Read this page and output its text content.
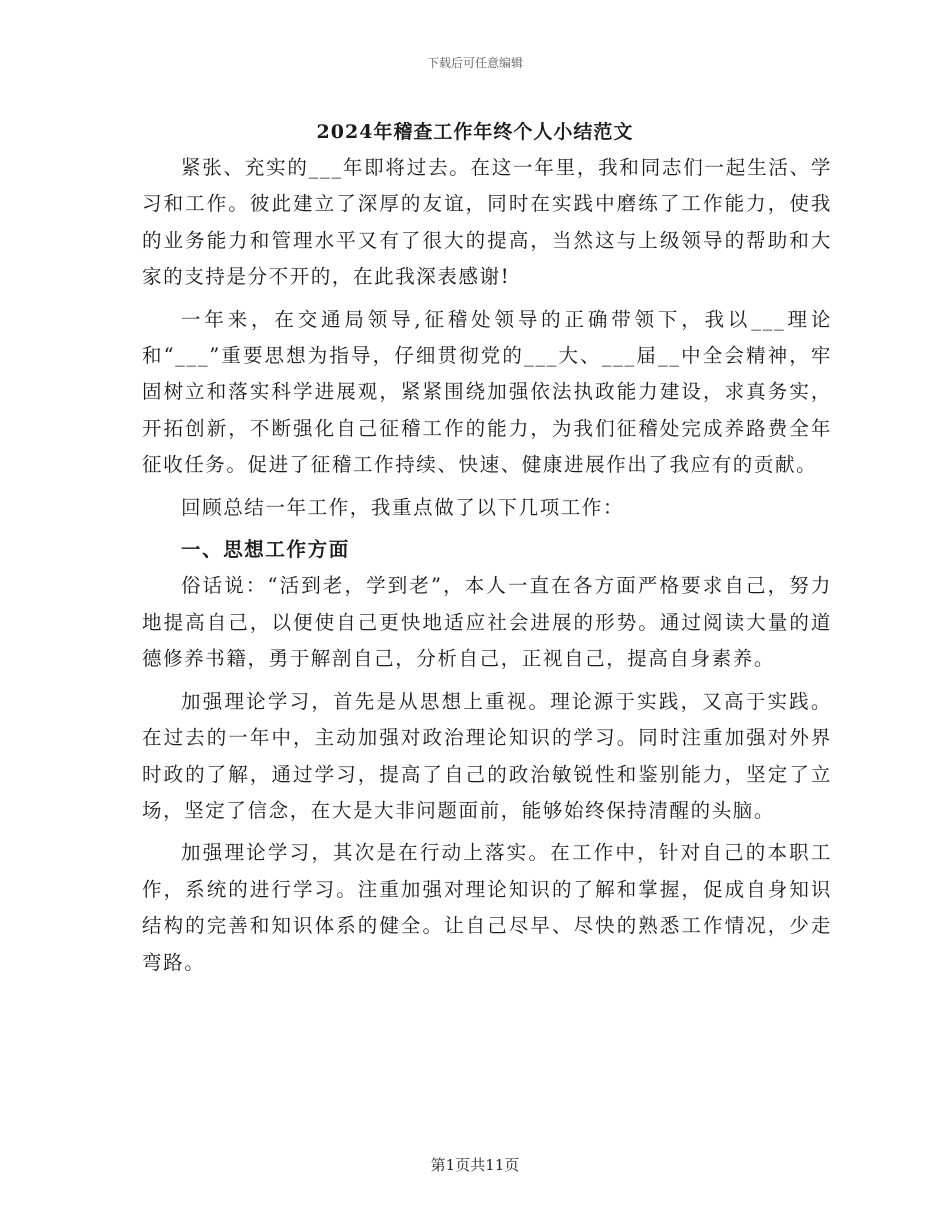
下载后可任意编辑
2024年稽查工作年终个人小结范文

紧张、充实的___年即将过去。在这一年里，我和同志们一起生活、学习和工作。彼此建立了深厚的友谊，同时在实践中磨练了工作能力，使我的业务能力和管理水平又有了很大的提高，当然这与上级领导的帮助和大家的支持是分不开的，在此我深表感谢!

一年来，在交通局领导,征稽处领导的正确带领下，我以___理论和“___”重要思想为指导，仔细贯彻党的___大、___届__中全会精神，牢固树立和落实科学进展观，紧紧围绕加强依法执政能力建设，求真务实，开拓创新，不断强化自己征稽工作的能力，为我们征稽处完成养路费全年征收任务。促进了征稽工作持续、快速、健康进展作出了我应有的贡献。

回顾总结一年工作，我重点做了以下几项工作：

一、思想工作方面

俗话说：“活到老，学到老”，本人一直在各方面严格要求自己，努力地提高自己，以便使自己更快地适应社会进展的形势。通过阅读大量的道德修养书籍，勇于解剖自己，分析自己，正视自己，提高自身素养。

加强理论学习，首先是从思想上重视。理论源于实践，又高于实践。在过去的一年中，主动加强对政治理论知识的学习。同时注重加强对外界时政的了解，通过学习，提高了自己的政治敏锐性和鉴别能力，坚定了立场，坚定了信念，在大是大非问题面前，能够始终保持清醒的头脑。

加强理论学习，其次是在行动上落实。在工作中，针对自己的本职工作，系统的进行学习。注重加强对理论知识的了解和掌握，促成自身知识结构的完善和知识体系的健全。让自己尽早、尽快的熟悉工作情况，少走弯路。

第1页共11页
